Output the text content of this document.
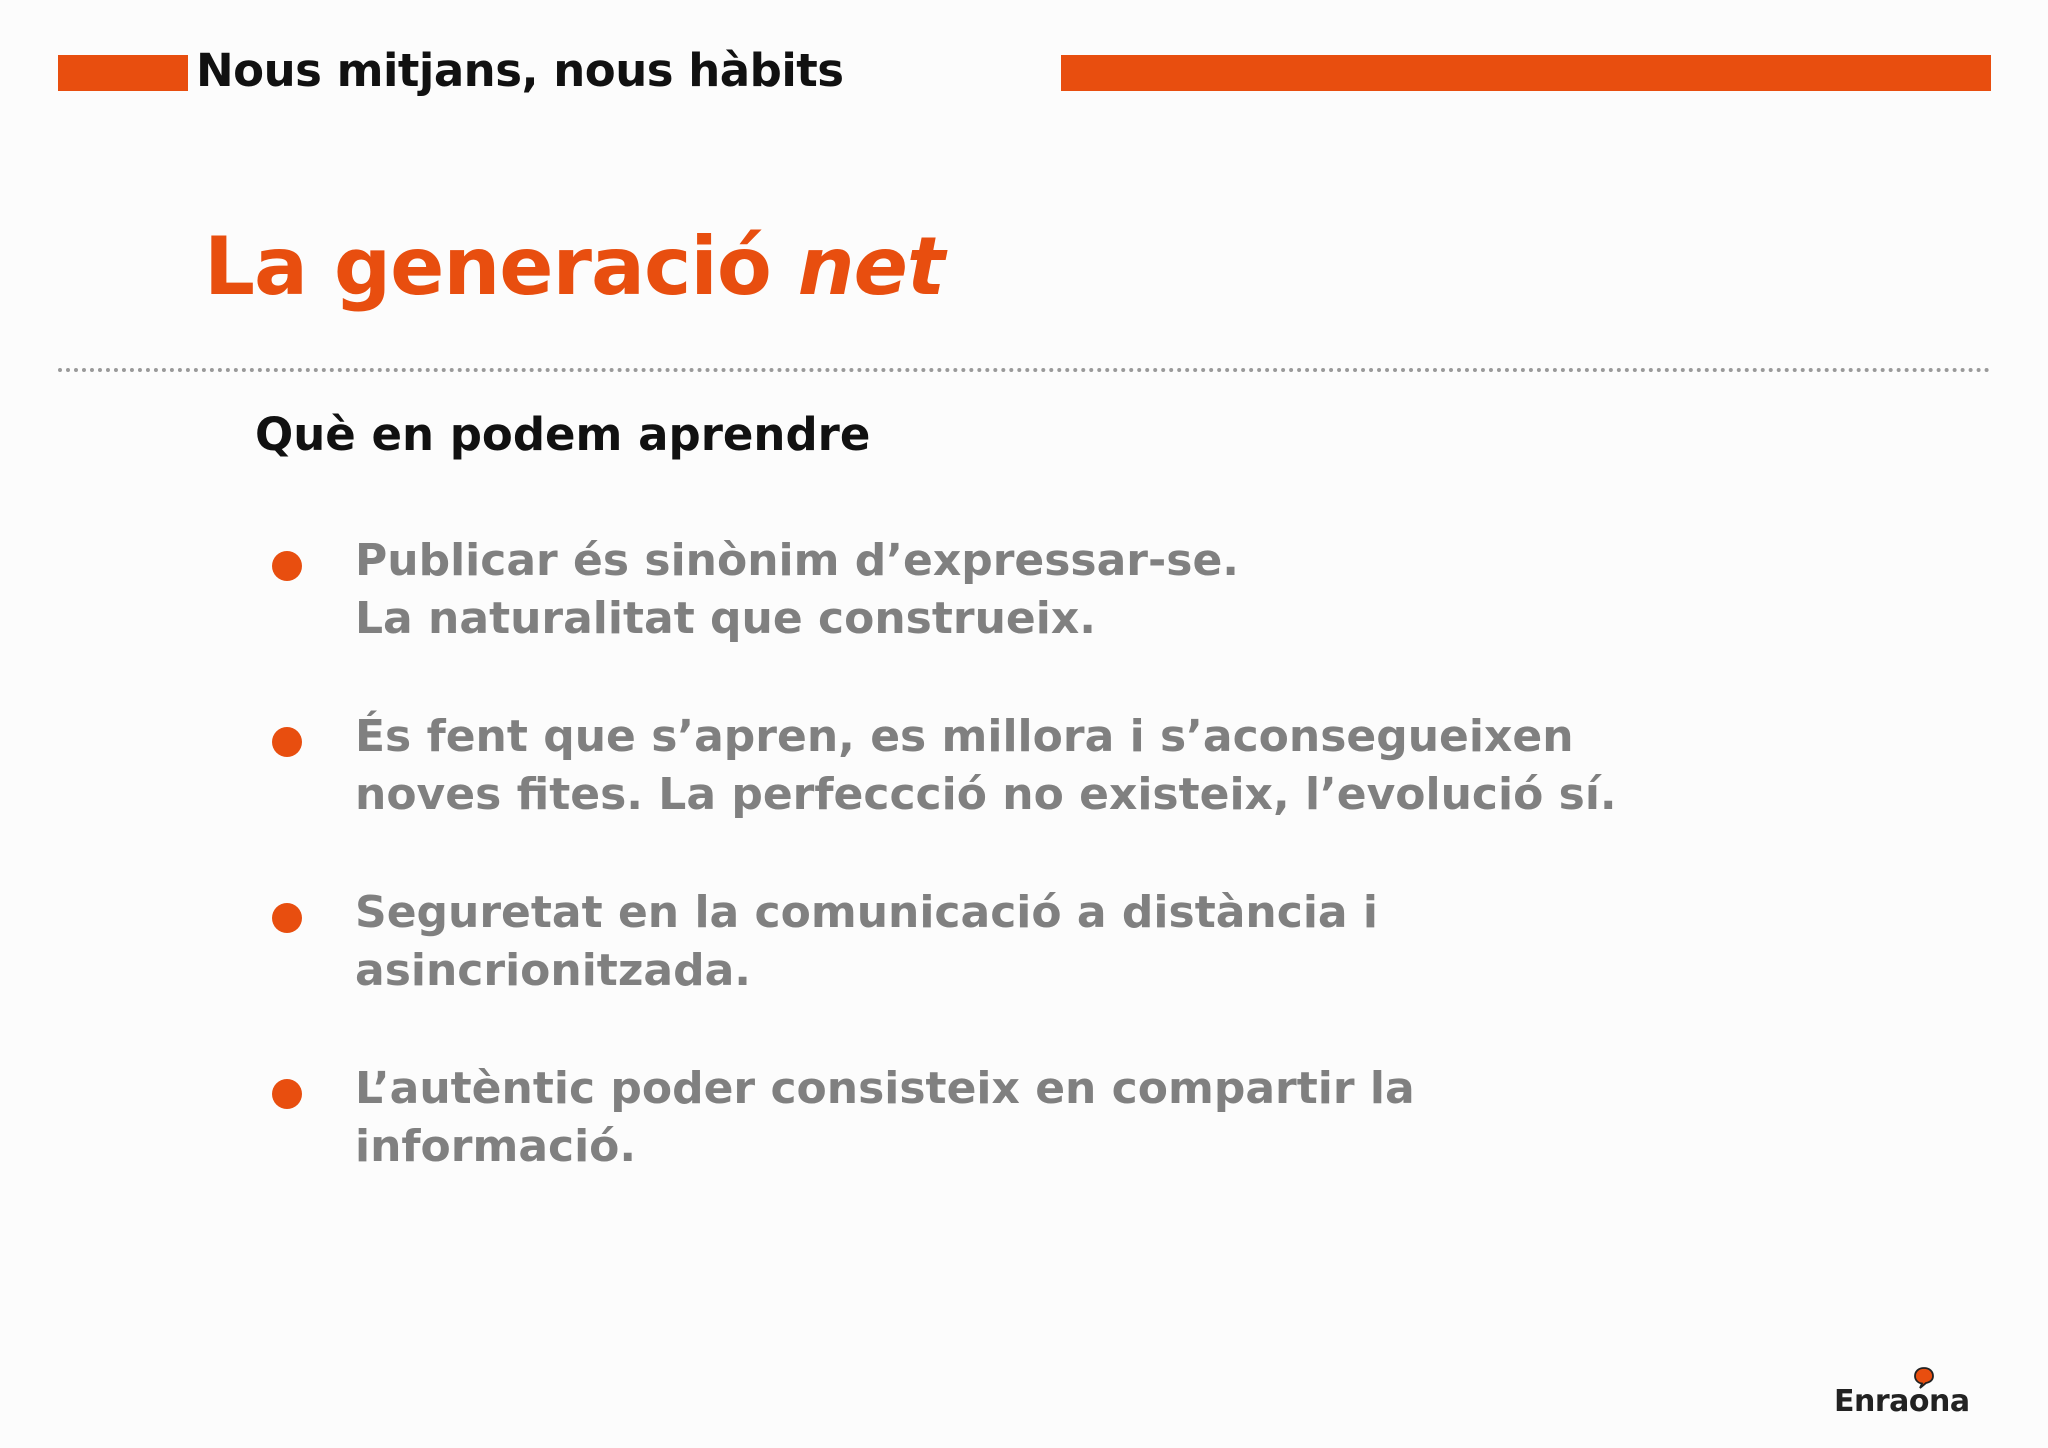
Nous mitjans, nous hàbits
La generació net
Què en podem aprendre
Publicar és sinònim d’expressar-se.
La naturalitat que construeix.
És fent que s’apren, es millora i s’aconsegueixen
noves fites. La perfeccció no existeix, l’evolució sí.
Seguretat en la comunicació a distància i
asincrionitzada.
L’autèntic poder consisteix en compartir la
informació.
Enraona
